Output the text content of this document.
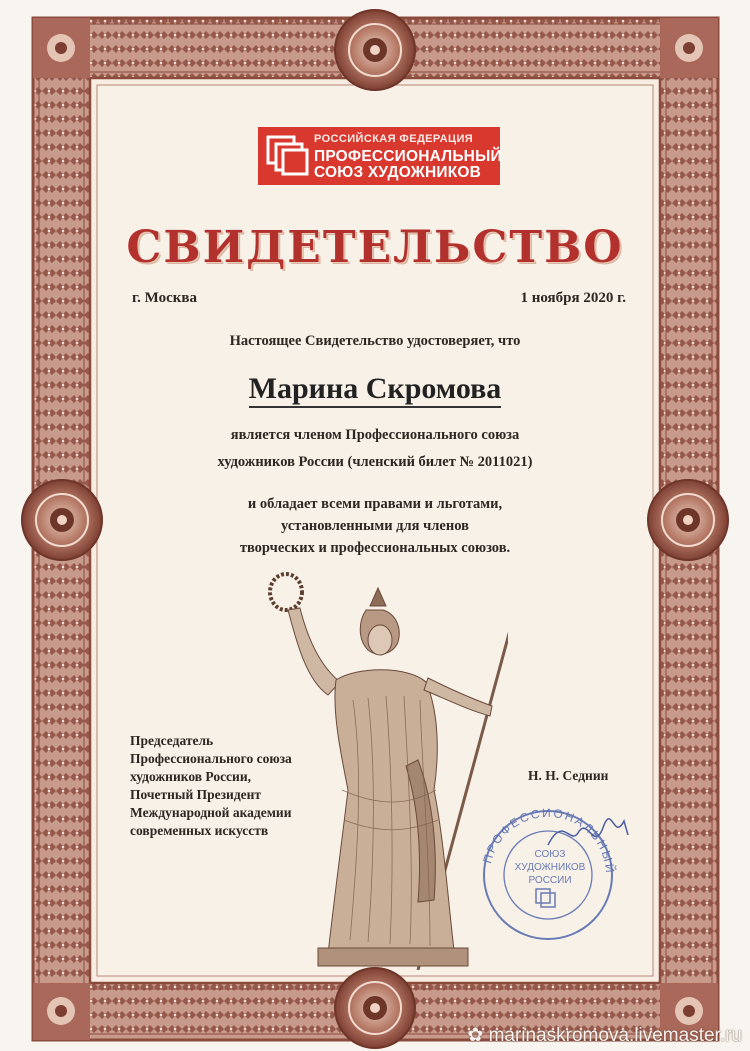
РОССИЙСКАЯ ФЕДЕРАЦИЯ
ПРОФЕССИОНАЛЬНЫЙ
СОЮЗ ХУДОЖНИКОВ
СВИДЕТЕЛЬСТВО
г. Москва	1 ноября 2020 г.
Настоящее Свидетельство удостоверяет, что
Марина Скромова
является членом Профессионального союза
художников России (членский билет № 2011021)
и обладает всеми правами и льготами,
установленными для членов
творческих и профессиональных союзов.
Председатель
Профессионального союза
художников России,
Почетный Президент
Международной академии
современных искусств
Н. Н. Седнин
ПРОФЕССИОНАЛЬНЫЙ
СОЮЗ
ХУДОЖНИКОВ
РОССИИ
✿ marinaskromova.livemaster.ru
